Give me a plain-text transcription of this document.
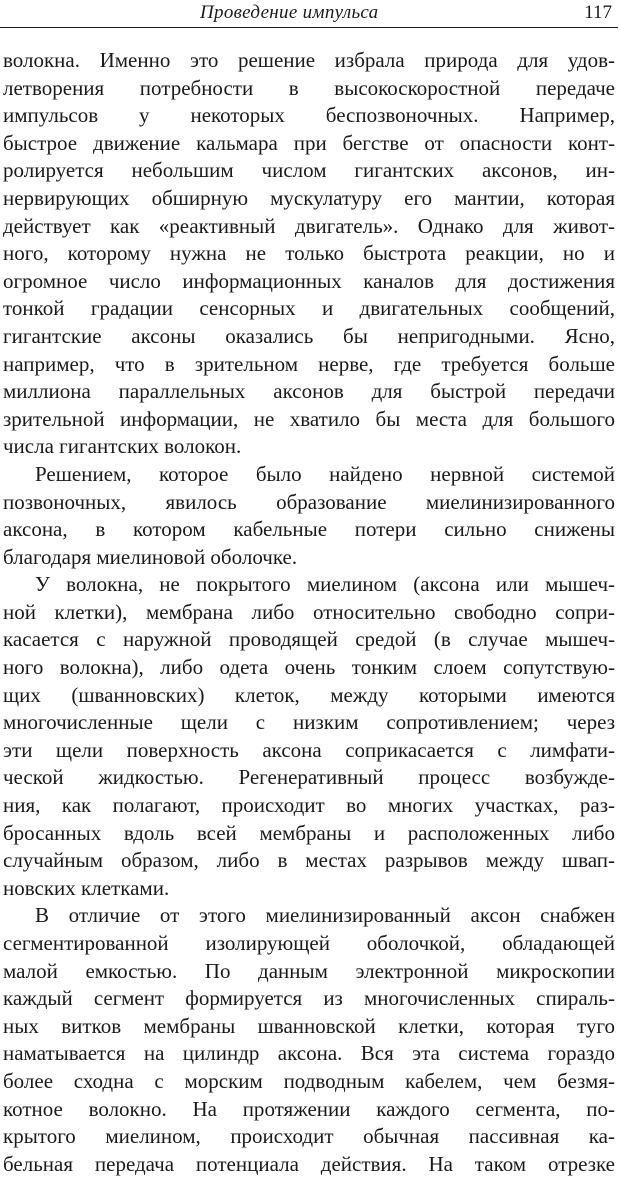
Проведение импульса	117
волокна. Именно это решение избрала природа для удов-
летворения потребности в высокоскоростной передаче
импульсов у некоторых беспозвоночных. Например,
быстрое движение кальмара при бегстве от опасности конт-
ролируется небольшим числом гигантских аксонов, ин-
нервирующих обширную мускулатуру его мантии, которая
действует как «реактивный двигатель». Однако для живот-
ного, которому нужна не только быстрота реакции, но и
огромное число информационных каналов для достижения
тонкой градации сенсорных и двигательных сообщений,
гигантские аксоны оказались бы непригодными. Ясно,
например, что в зрительном нерве, где требуется больше
миллиона параллельных аксонов для быстрой передачи
зрительной информации, не хватило бы места для большого
числа гигантских волокон.
Решением, которое было найдено нервной системой
позвоночных, явилось образование миелинизированного
аксона, в котором кабельные потери сильно снижены
благодаря миелиновой оболочке.
У волокна, не покрытого миелином (аксона или мышеч-
ной клетки), мембрана либо относительно свободно сопри-
касается с наружной проводящей средой (в случае мышеч-
ного волокна), либо одета очень тонким слоем сопутствую-
щих (шванновских) клеток, между которыми имеются
многочисленные щели с низким сопротивлением; через
эти щели поверхность аксона соприкасается с лимфати-
ческой жидкостью. Регенеративный процесс возбужде-
ния, как полагают, происходит во многих участках, раз-
бросанных вдоль всей мембраны и расположенных либо
случайным образом, либо в местах разрывов между швап-
новских клетками.
В отличие от этого миелинизированный аксон снабжен
сегментированной изолирующей оболочкой, обладающей
малой емкостью. По данным электронной микроскопии
каждый сегмент формируется из многочисленных спираль-
ных витков мембраны шванновской клетки, которая туго
наматывается на цилиндр аксона. Вся эта система гораздо
более сходна с морским подводным кабелем, чем безмя-
котное волокно. На протяжении каждого сегмента, по-
крытого миелином, происходит обычная пассивная ка-
бельная передача потенциала действия. На таком отрезке
